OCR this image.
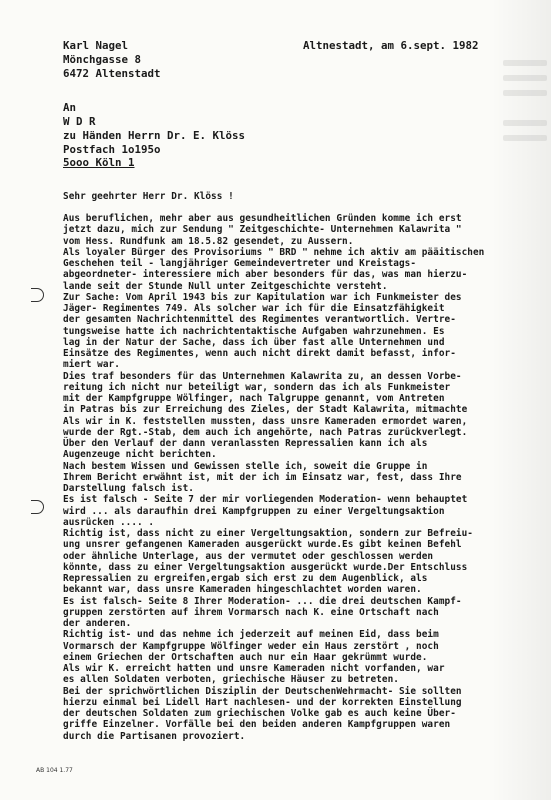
Karl Nagel

Mönchgasse 8

6472 Altenstadt

Altnestadt, am 6.sept. 1982

An

W D R

zu Händen Herrn Dr. E. Klöss

Postfach 1o195o

5ooo Köln 1

Sehr geehrter Herr Dr. Klöss !

Aus beruflichen, mehr aber aus gesundheitlichen Gründen komme ich erst

jetzt dazu, mich zur Sendung " Zeitgeschichte- Unternehmen Kalawrita "

vom Hess. Rundfunk am 18.5.82 gesendet, zu Aussern.

Als loyaler Bürger des Provisoriums " BRD " nehme ich aktiv am pääitischen

Geschehen teil - langjähriger Gemeindevertreter und Kreistags-

abgeordneter- interessiere mich aber besonders für das, was man hierzu-

lande seit der Stunde Null unter Zeitgeschichte versteht.

Zur Sache: Vom April 1943 bis zur Kapitulation war ich Funkmeister des

Jäger- Regimentes 749. Als solcher war ich für die Einsatzfähigkeit

der gesamten Nachrichtenmittel des Regimentes verantwortlich. Vertre-

tungsweise hatte ich nachrichtentaktische Aufgaben wahrzunehmen. Es

lag in der Natur der Sache, dass ich über fast alle Unternehmen und

Einsätze des Regimentes, wenn auch nicht direkt damit befasst, infor-

miert war.

Dies traf besonders für das Unternehmen Kalawrita zu, an dessen Vorbe-

reitung ich nicht nur beteiligt war, sondern das ich als Funkmeister

mit der Kampfgruppe Wölfinger, nach Talgruppe genannt, vom Antreten

in Patras bis zur Erreichung des Zieles, der Stadt Kalawrita, mitmachte

Als wir in K. feststellen mussten, dass unsre Kameraden ermordet waren,

wurde der Rgt.-Stab, dem auch ich angehörte, nach Patras zurückverlegt.

Über den Verlauf der dann veranlassten Repressalien kann ich als

Augenzeuge nicht berichten.

Nach bestem Wissen und Gewissen stelle ich, soweit die Gruppe in

Ihrem Bericht erwähnt ist, mit der ich im Einsatz war, fest, dass Ihre

Darstellung falsch ist.

Es ist falsch - Seite 7 der mir vorliegenden Moderation- wenn behauptet

wird ... als daraufhin drei Kampfgruppen zu einer Vergeltungsaktion

ausrücken .... .

Richtig ist, dass nicht zu einer Vergeltungsaktion, sondern zur Befreiu-

ung unsrer gefangenen Kameraden ausgerückt wurde.Es gibt keinen Befehl

oder ähnliche Unterlage, aus der vermutet oder geschlossen werden

könnte, dass zu einer Vergeltungsaktion ausgerückt wurde.Der Entschluss

Repressalien zu ergreifen,ergab sich erst zu dem Augenblick, als

bekannt war, dass unsre Kameraden hingeschlachtet worden waren.

Es ist falsch- Seite 8 Ihrer Moderation- ... die drei deutschen Kampf-

gruppen zerstörten auf ihrem Vormarsch nach K. eine Ortschaft nach

der anderen.

Richtig ist- und das nehme ich jederzeit auf meinen Eid, dass beim

Vormarsch der Kampfgruppe Wölfinger weder ein Haus zerstört , noch

einem Griechen der Ortschaften auch nur ein Haar gekrümmt wurde.

Als wir K. erreicht hatten und unsre Kameraden nicht vorfanden, war

es allen Soldaten verboten, griechische Häuser zu betreten.

Bei der sprichwörtlichen Disziplin der DeutschenWehrmacht- Sie sollten

hierzu einmal bei Lidell Hart nachlesen- und der korrekten Einstellung

der deutschen Soldaten zum griechischen Volke gab es auch keine Über-

griffe Einzelner. Vorfälle bei den beiden anderen Kampfgruppen waren

durch die Partisanen provoziert.

AB 104 1.77
